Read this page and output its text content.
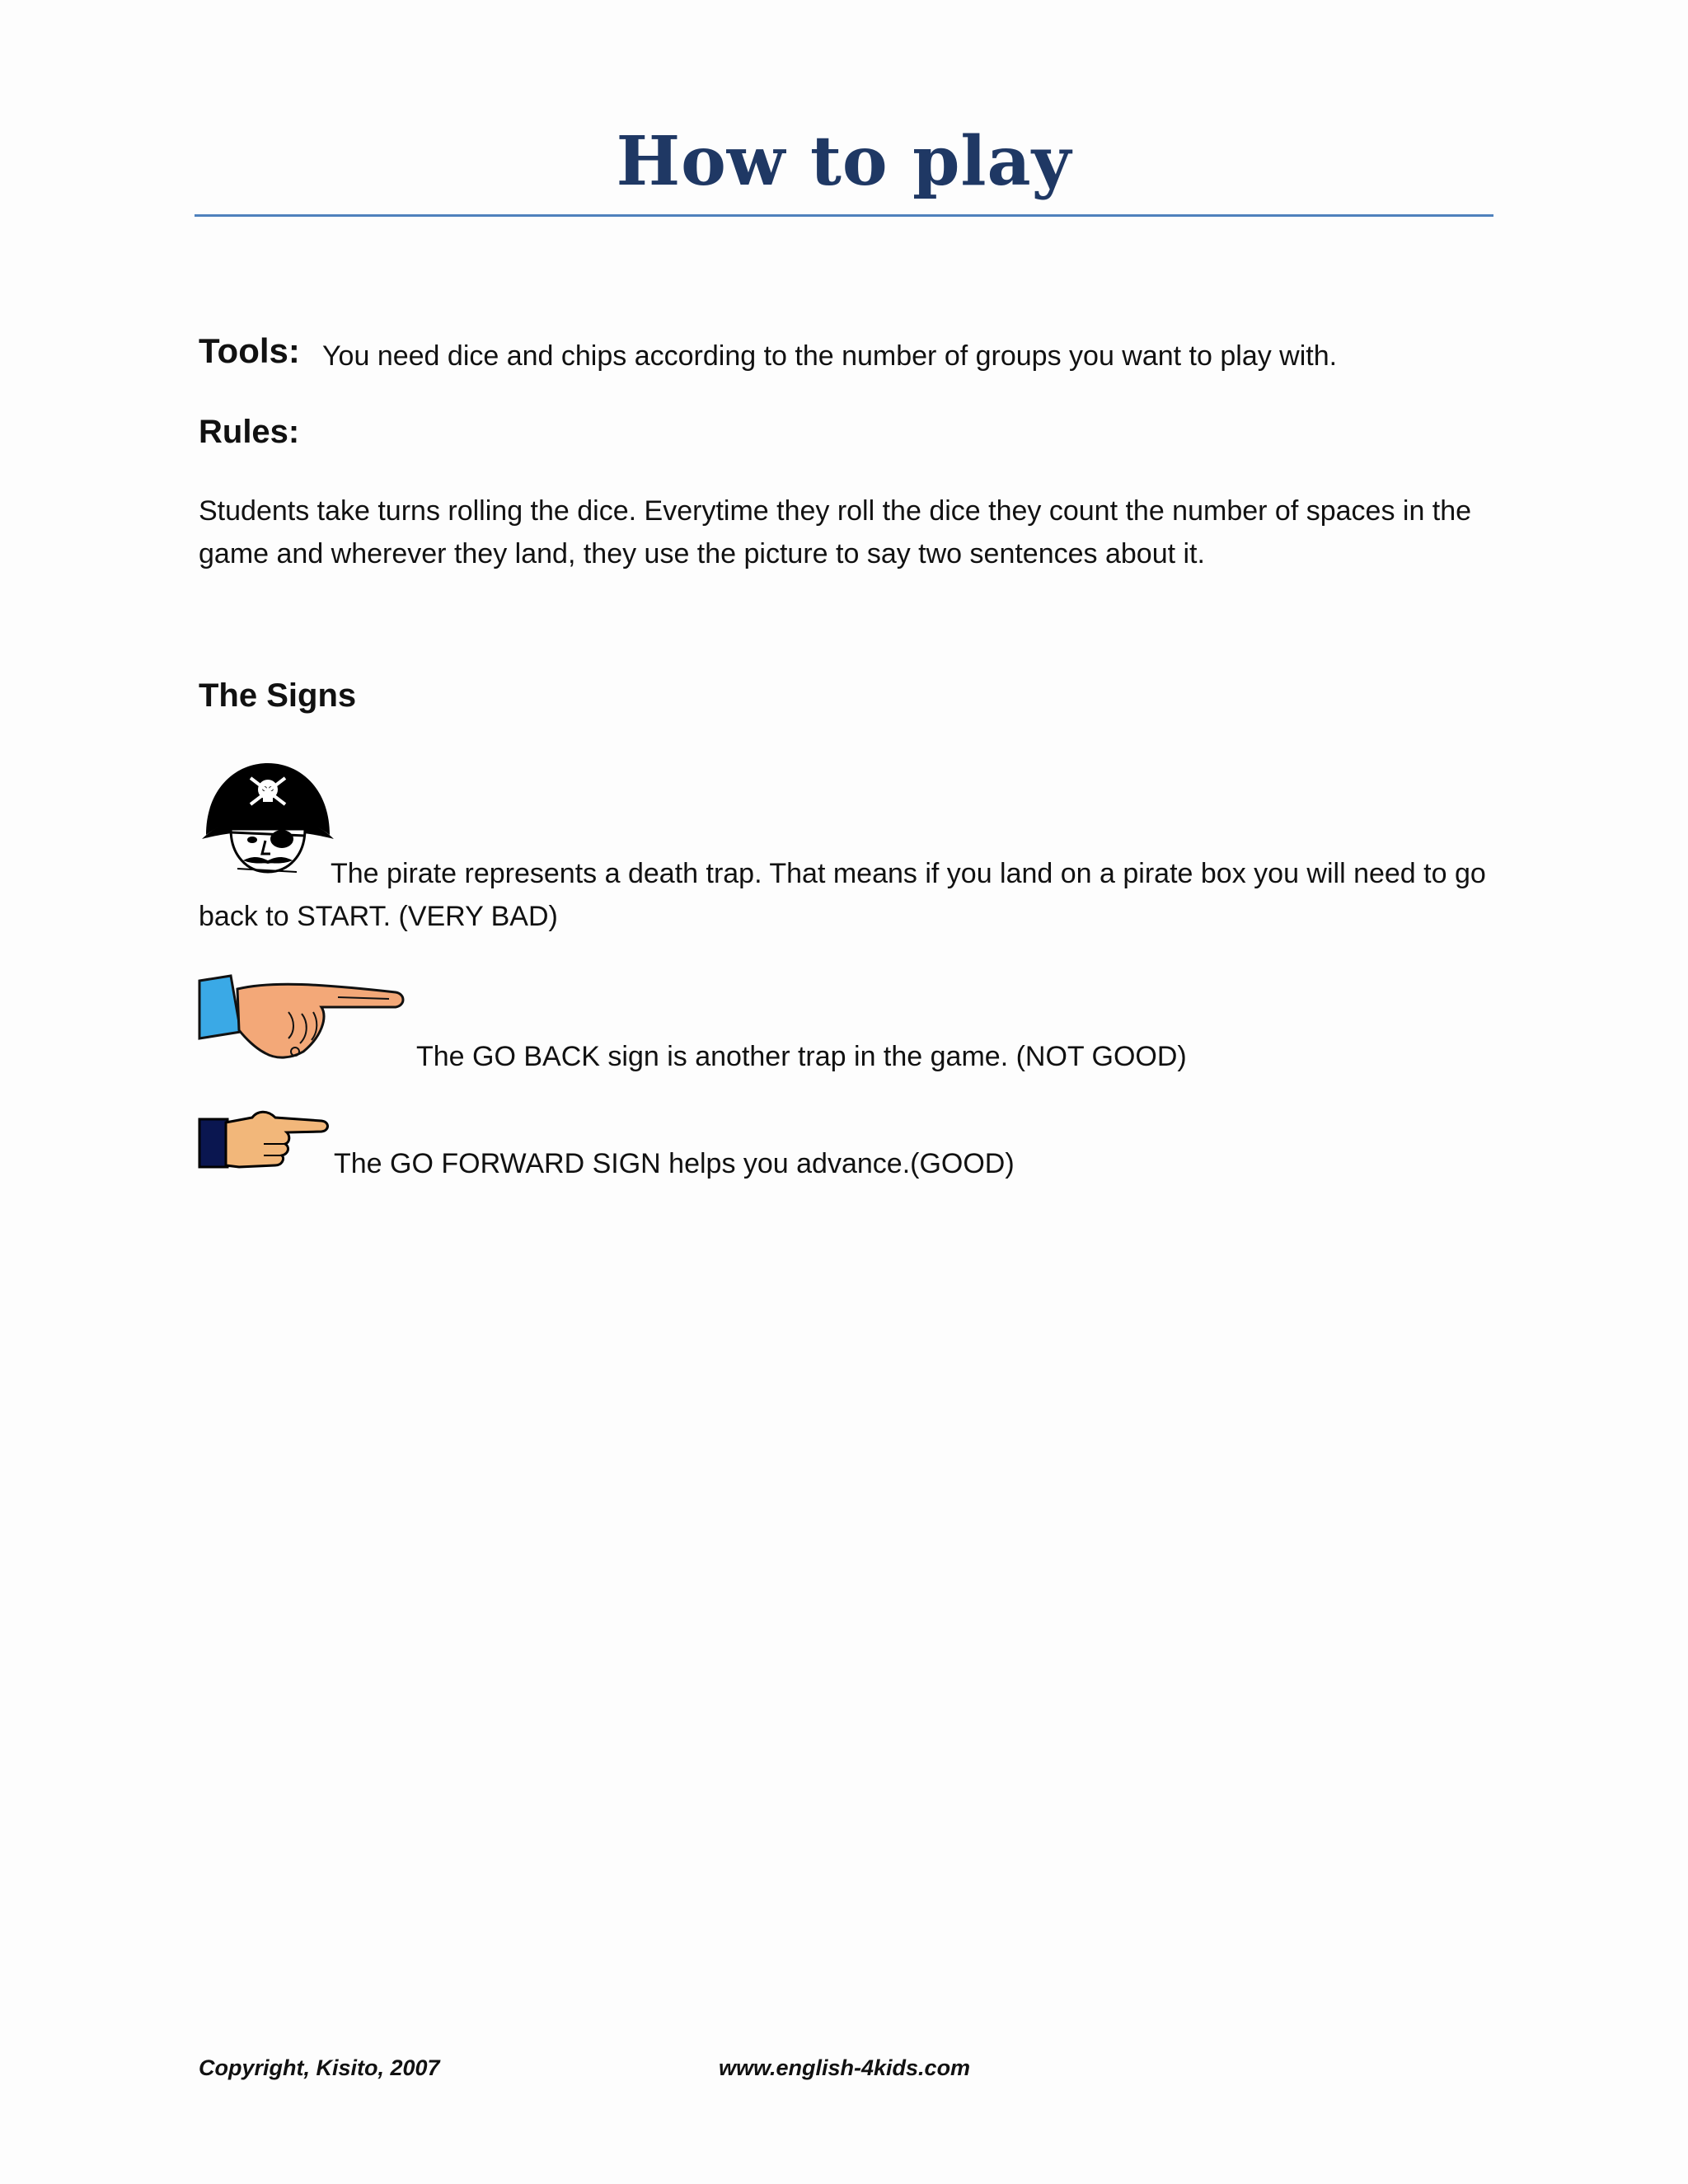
How to play
Tools: You need dice and chips according to the number of groups you want to play with.
Rules:
Students take turns rolling the dice. Everytime they roll the dice they count the number of spaces in the game and wherever they land, they use the picture to say two sentences about it.
The Signs
The pirate represents a death trap. That means if you land on a pirate box you will need to go back to START. (VERY BAD)
The GO BACK sign is another trap in the game. (NOT GOOD)
The GO FORWARD SIGN helps you advance.(GOOD)
Copyright, Kisito, 2007	www.english-4kids.com
